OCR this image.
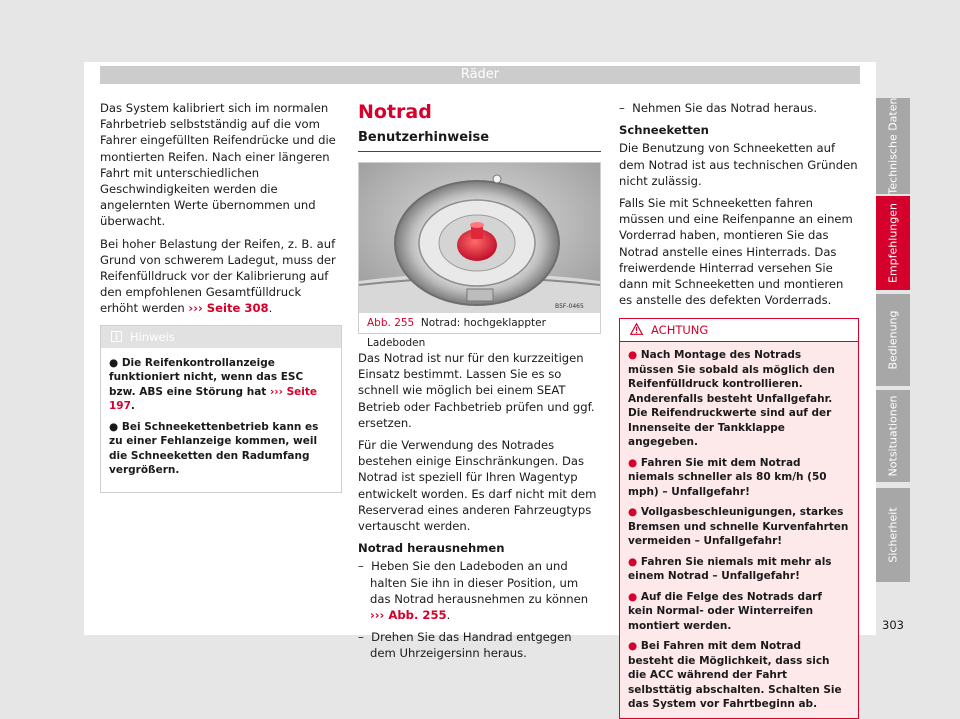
Räder

Das System kalibriert sich im normalen Fahrbetrieb selbstständig auf die vom Fahrer eingefüllten Reifendrücke und die montierten Reifen. Nach einer längeren Fahrt mit unterschiedlichen Geschwindigkeiten werden die angelernten Werte übernommen und überwacht.

Bei hoher Belastung der Reifen, z. B. auf Grund von schwerem Ladegut, muss der Reifenfülldruck vor der Kalibrierung auf den empfohlenen Gesamtfülldruck erhöht werden ››› Seite 308.

Hinweis

● Die Reifenkontrollanzeige funktioniert nicht, wenn das ESC bzw. ABS eine Störung hat ››› Seite 197.

● Bei Schneekettenbetrieb kann es zu einer Fehlanzeige kommen, weil die Schneeketten den Radumfang vergrößern.

Notrad
Benutzerhinweise
B5F-0465
Abb. 255 Notrad: hochgeklappter Ladeboden

Das Notrad ist nur für den kurzzeitigen Einsatz bestimmt. Lassen Sie es so schnell wie möglich bei einem SEAT Betrieb oder Fachbetrieb prüfen und ggf. ersetzen.

Für die Verwendung des Notrades bestehen einige Einschränkungen. Das Notrad ist speziell für Ihren Wagentyp entwickelt worden. Es darf nicht mit dem Reserverad eines anderen Fahrzeugtyps vertauscht werden.

Notrad herausnehmen

–  Heben Sie den Ladeboden an und halten Sie ihn in dieser Position, um das Notrad herausnehmen zu können ››› Abb. 255.

–  Drehen Sie das Handrad entgegen dem Uhrzeigersinn heraus.

–  Nehmen Sie das Notrad heraus.

Schneeketten

Die Benutzung von Schneeketten auf dem Notrad ist aus technischen Gründen nicht zulässig.

Falls Sie mit Schneeketten fahren müssen und eine Reifenpanne an einem Vorderrad haben, montieren Sie das Notrad anstelle eines Hinterrads. Das freiwerdende Hinterrad versehen Sie dann mit Schneeketten und montieren es anstelle des defekten Vorderrads.

ACHTUNG

● Nach Montage des Notrads müssen Sie sobald als möglich den Reifenfülldruck kontrollieren. Anderenfalls besteht Unfallgefahr. Die Reifendruckwerte sind auf der Innenseite der Tankklappe angegeben.

● Fahren Sie mit dem Notrad niemals schneller als 80 km/h (50 mph) – Unfallgefahr!

● Vollgasbeschleunigungen, starkes Bremsen und schnelle Kurvenfahrten vermeiden – Unfallgefahr!

● Fahren Sie niemals mit mehr als einem Notrad – Unfallgefahr!

● Auf die Felge des Notrads darf kein Normal- oder Winterreifen montiert werden.

● Bei Fahren mit dem Notrad besteht die Möglichkeit, dass sich die ACC während der Fahrt selbsttätig abschalten. Schalten Sie das System vor Fahrtbeginn ab.

Technische Daten
Empfehlungen
Bedienung
Notsituationen
Sicherheit
303
